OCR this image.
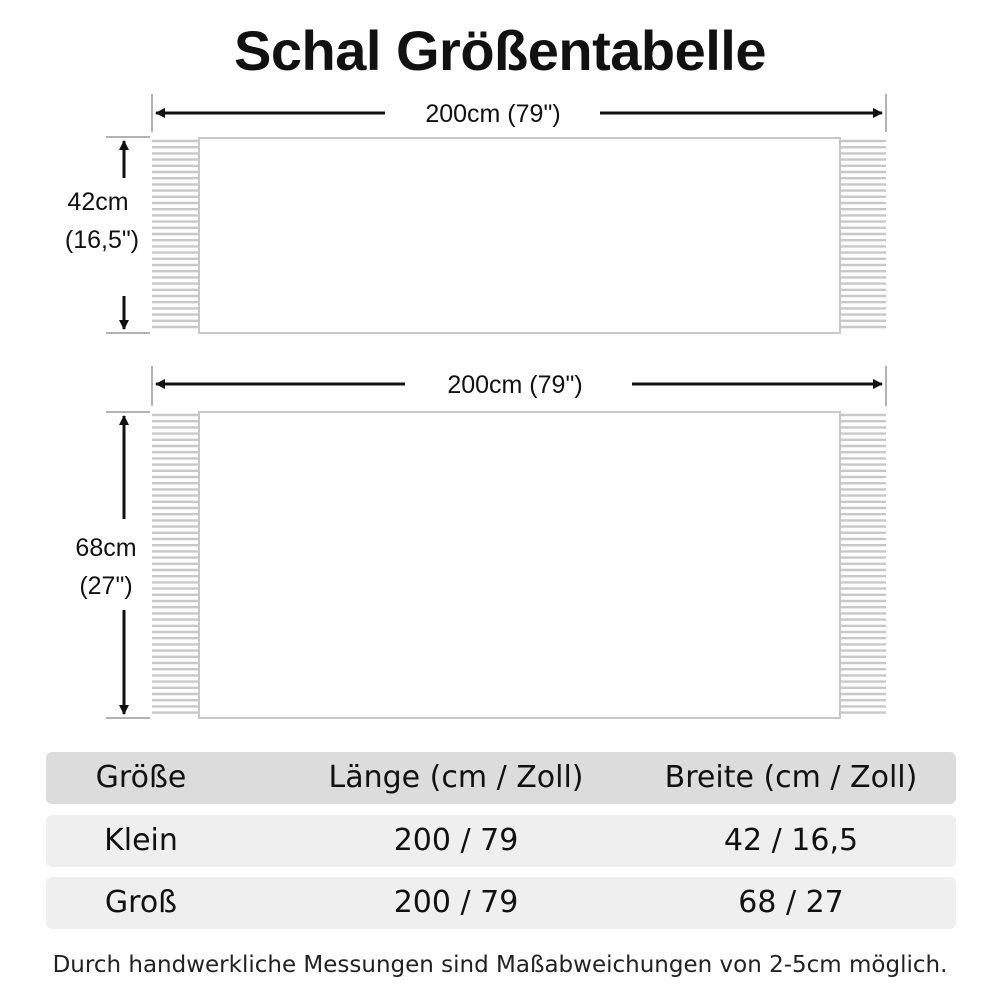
Schal Größentabelle
200cm (79")
42cm
(16,5")
200cm (79")
68cm
(27")
Größe	Länge (cm / Zoll)	Breite (cm / Zoll)
Klein	200 / 79	42 / 16,5
Groß	200 / 79	68 / 27
Durch handwerkliche Messungen sind Maßabweichungen von 2-5cm möglich.
